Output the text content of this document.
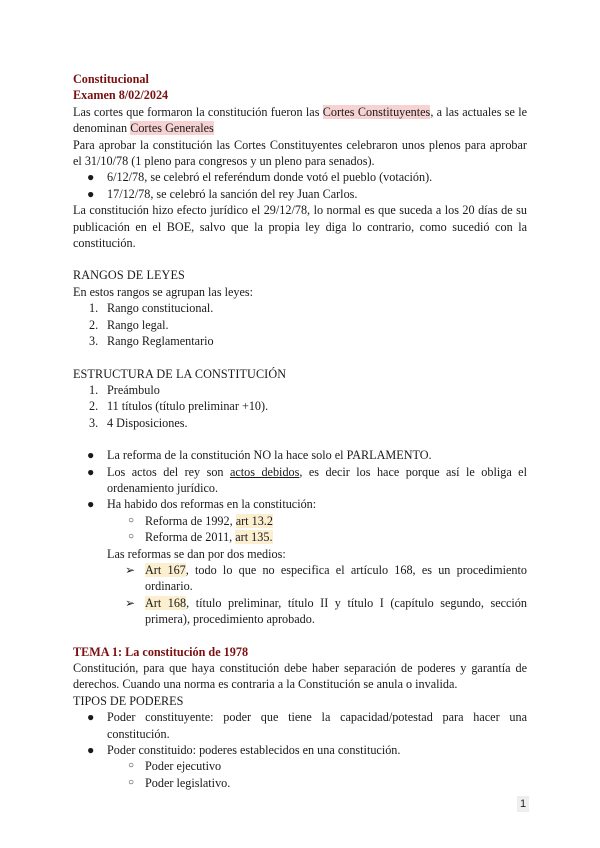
Constitucional

Examen 8/02/2024

Las cortes que formaron la constitución fueron las Cortes Constituyentes, a las actuales se le denominan Cortes Generales

Para aprobar la constitución las Cortes Constituyentes celebraron unos plenos para aprobar el 31/10/78 (1 pleno para congresos y un pleno para senados).

●	6/12/78, se celebró el referéndum donde votó el pueblo (votación).
●	17/12/78, se celebró la sanción del rey Juan Carlos.

La constitución hizo efecto jurídico el 29/12/78, lo normal es que suceda a los 20 días de su publicación en el BOE, salvo que la propia ley diga lo contrario, como sucedió con la constitución.

RANGOS DE LEYES

En estos rangos se agrupan las leyes:

1. Rango constitucional.
2. Rango legal.
3. Rango Reglamentario

ESTRUCTURA DE LA CONSTITUCIÓN

1. Preámbulo
2. 11 títulos (título preliminar +10).
3. 4 Disposiciones.
●	La reforma de la constitución NO la hace solo el PARLAMENTO.
●	Los actos del rey son actos debidos, es decir los hace porque así le obliga el ordenamiento jurídico.
●	Ha habido dos reformas en la constitución:
○ Reforma de 1992, art 13.2
○ Reforma de 2011, art 135.

Las reformas se dan por dos medios:

➢ Art 167, todo lo que no especifica el artículo 168, es un procedimiento ordinario.
➢ Art 168, título preliminar, título II y título I (capítulo segundo, sección primera), procedimiento aprobado.

TEMA 1: La constitución de 1978

Constitución, para que haya constitución debe haber separación de poderes y garantía de derechos. Cuando una norma es contraria a la Constitución se anula o invalida.

TIPOS DE PODERES

●	Poder constituyente: poder que tiene la capacidad/potestad para hacer una constitución.
●	Poder constituido: poderes establecidos en una constitución.
○ Poder ejecutivo
○ Poder legislativo.
1
